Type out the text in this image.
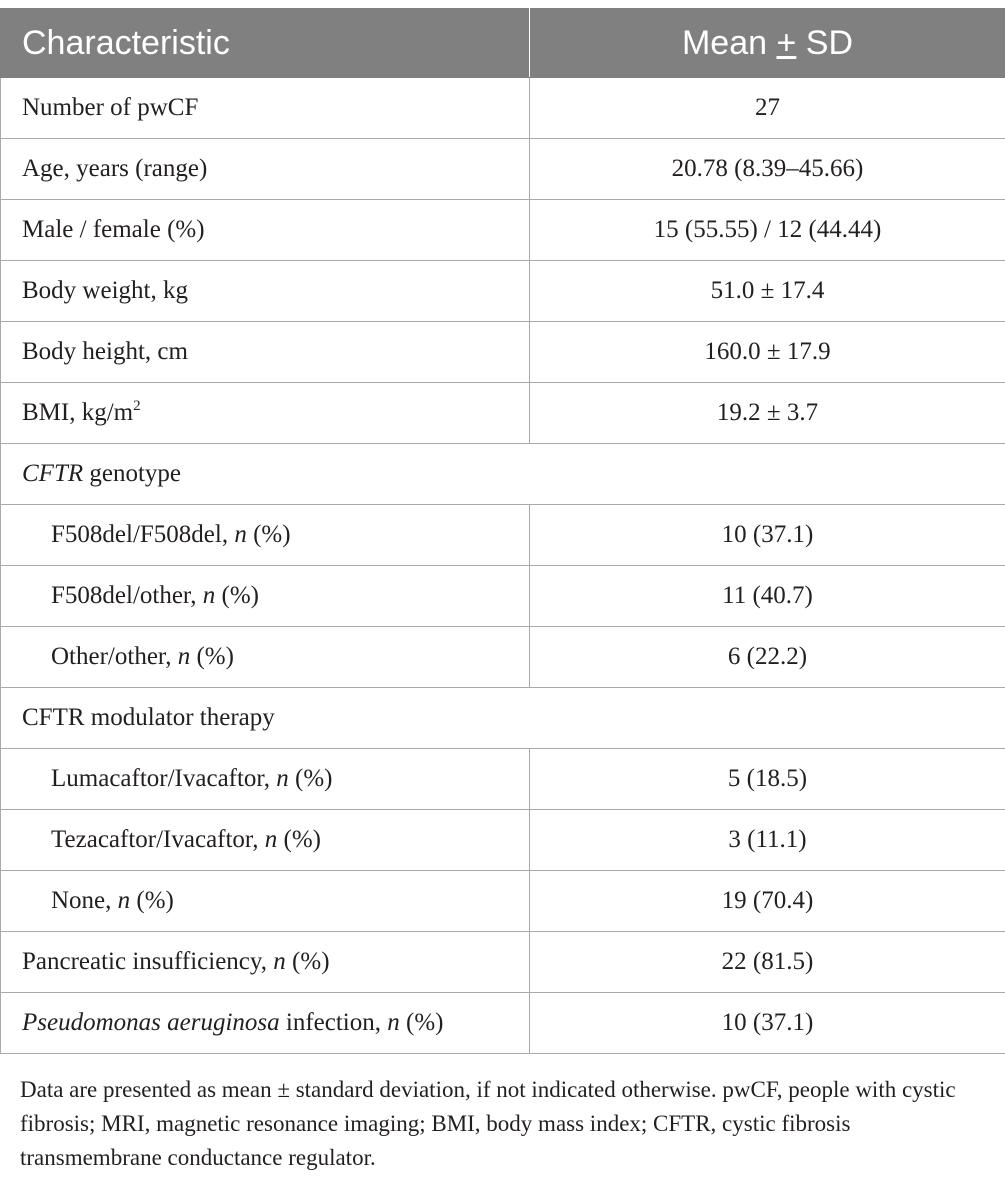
Characteristic	Mean + SD
Number of pwCF	27
Age, years (range)	20.78 (8.39–45.66)
Male / female (%)	15 (55.55) / 12 (44.44)
Body weight, kg	51.0 ± 17.4
Body height, cm	160.0 ± 17.9
BMI, $kg/m^2$	19.2 ± 3.7
CFTR genotype	
F508del/F508del, n (%)	10 (37.1)
F508del/other, n (%)	11 (40.7)
Other/other, n (%)	6 (22.2)
CFTR modulator therapy	
Lumacaftor/Ivacaftor, n (%)	5 (18.5)
Tezacaftor/Ivacaftor, n (%)	3 (11.1)
None, n (%)	19 (70.4)
Pancreatic insufficiency, n (%)	22 (81.5)
Pseudomonas aeruginosa infection, n (%)	10 (37.1)
Data are presented as mean ± standard deviation, if not indicated otherwise. pwCF, people with cystic fibrosis; MRI, magnetic resonance imaging; BMI, body mass index; CFTR, cystic fibrosis transmembrane conductance regulator.
